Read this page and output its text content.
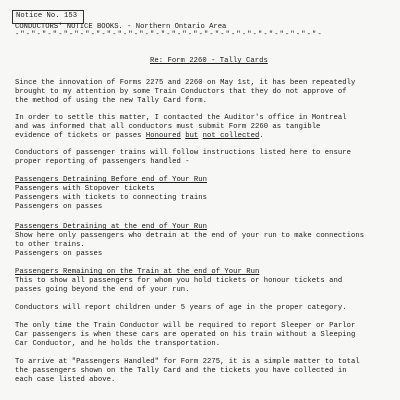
Notice No. 153
CONDUCTORS' NOTICE BOOKS. - Northern Ontario Area
-"-"-"-"-"-"-"-"-"-"-"-"-"-"-"-"-"-"-"-"-"-"-"-"-"-"-"-"-
Re: Form 2260 - Tally Cards
Since the innovation of Forms 2275 and 2260 on May 1st, it has been repeatedly
brought to my attention by some Train Conductors that they do not approve of
the method of using the new Tally Card form.
In order to settle this matter, I contacted the Auditor's office in Montreal
and was informed that all conductors must submit Form 2260 as tangible
evidence of tickets or passes Honoured but not collected.
Conductors of passenger trains will follow instructions listed here to ensure
proper reporting of passengers handled -
Passengers Detraining Before end of Your Run
Passengers with Stopover tickets
Passengers with tickets to connecting trains
Passengers on passes
Passengers Detraining at the end of Your Run
Show here only passengers who detrain at the end of your run to make connections
to other trains.
Passengers on passes
Passengers Remaining on the Train at the end of Your Run
This to show all passengers for whom you hold tickets or honour tickets and
passes going beyond the end of your run.
Conductors will report children under 5 years of age in the proper category.
The only time the Train Conductor will be required to report Sleeper or Parlor
Car passengers is when these cars are operated on his train without a Sleeping
Car Conductor, and he holds the transportation.
To arrive at "Passengers Handled" for Form 2275, it is a simple matter to total
the passengers shown on the Tally Card and the tickets you have collected in
each case listed above.
